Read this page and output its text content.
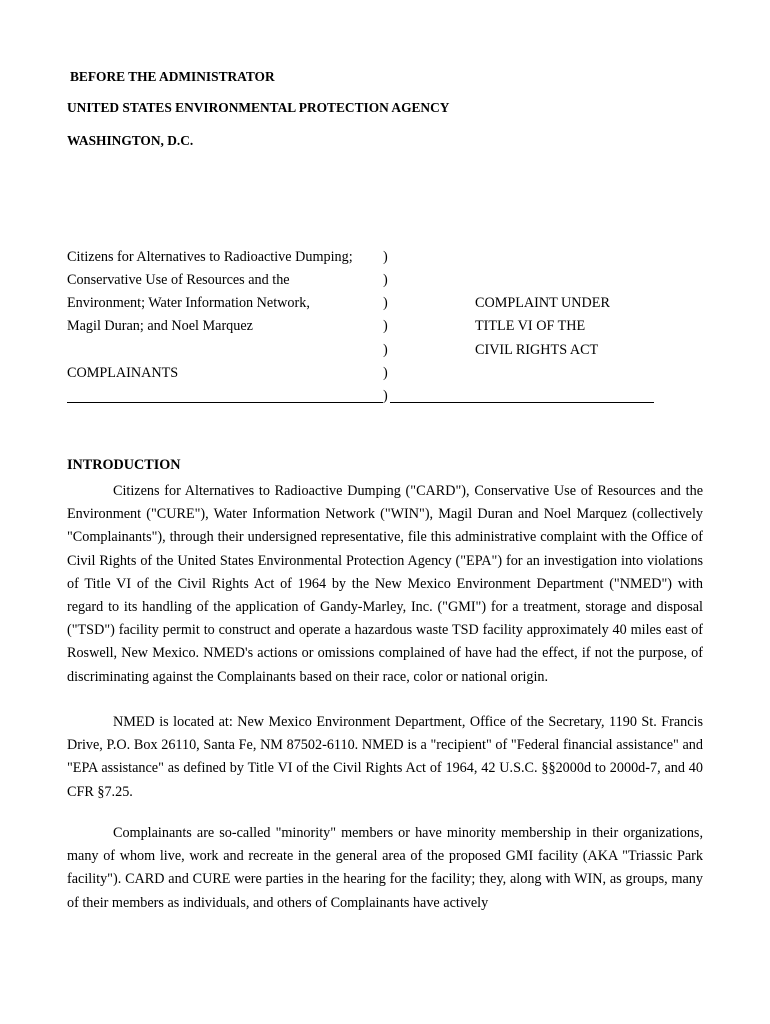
BEFORE THE ADMINISTRATOR
UNITED STATES ENVIRONMENTAL PROTECTION AGENCY
WASHINGTON, D.C.
Citizens for Alternatives to Radioactive Dumping;
Conservative Use of Resources and the
Environment; Water Information Network,
Magil Duran; and Noel Marquez
COMPLAINANTS
)
)
)
)
)
)
)
COMPLAINT UNDER
TITLE VI OF THE
CIVIL RIGHTS ACT
INTRODUCTION

Citizens for Alternatives to Radioactive Dumping ("CARD"), Conservative Use of Resources and the Environment ("CURE"), Water Information Network ("WIN"), Magil Duran and Noel Marquez (collectively "Complainants"), through their undersigned representative, file this administrative complaint with the Office of Civil Rights of the United States Environmental Protection Agency ("EPA") for an investigation into violations of Title VI of the Civil Rights Act of 1964 by the New Mexico Environment Department ("NMED") with regard to its handling of the application of Gandy-Marley, Inc. ("GMI") for a treatment, storage and disposal ("TSD") facility permit to construct and operate a hazardous waste TSD facility approximately 40 miles east of Roswell, New Mexico. NMED's actions or omissions complained of have had the effect, if not the purpose, of discriminating against the Complainants based on their race, color or national origin.

NMED is located at: New Mexico Environment Department, Office of the Secretary, 1190 St. Francis Drive, P.O. Box 26110, Santa Fe, NM 87502-6110. NMED is a "recipient" of "Federal financial assistance" and "EPA assistance" as defined by Title VI of the Civil Rights Act of 1964, 42 U.S.C. §§2000d to 2000d-7, and 40 CFR §7.25.

Complainants are so-called "minority" members or have minority membership in their organizations, many of whom live, work and recreate in the general area of the proposed GMI facility (AKA "Triassic Park facility"). CARD and CURE were parties in the hearing for the facility; they, along with WIN, as groups, many of their members as individuals, and others of Complainants have actively
